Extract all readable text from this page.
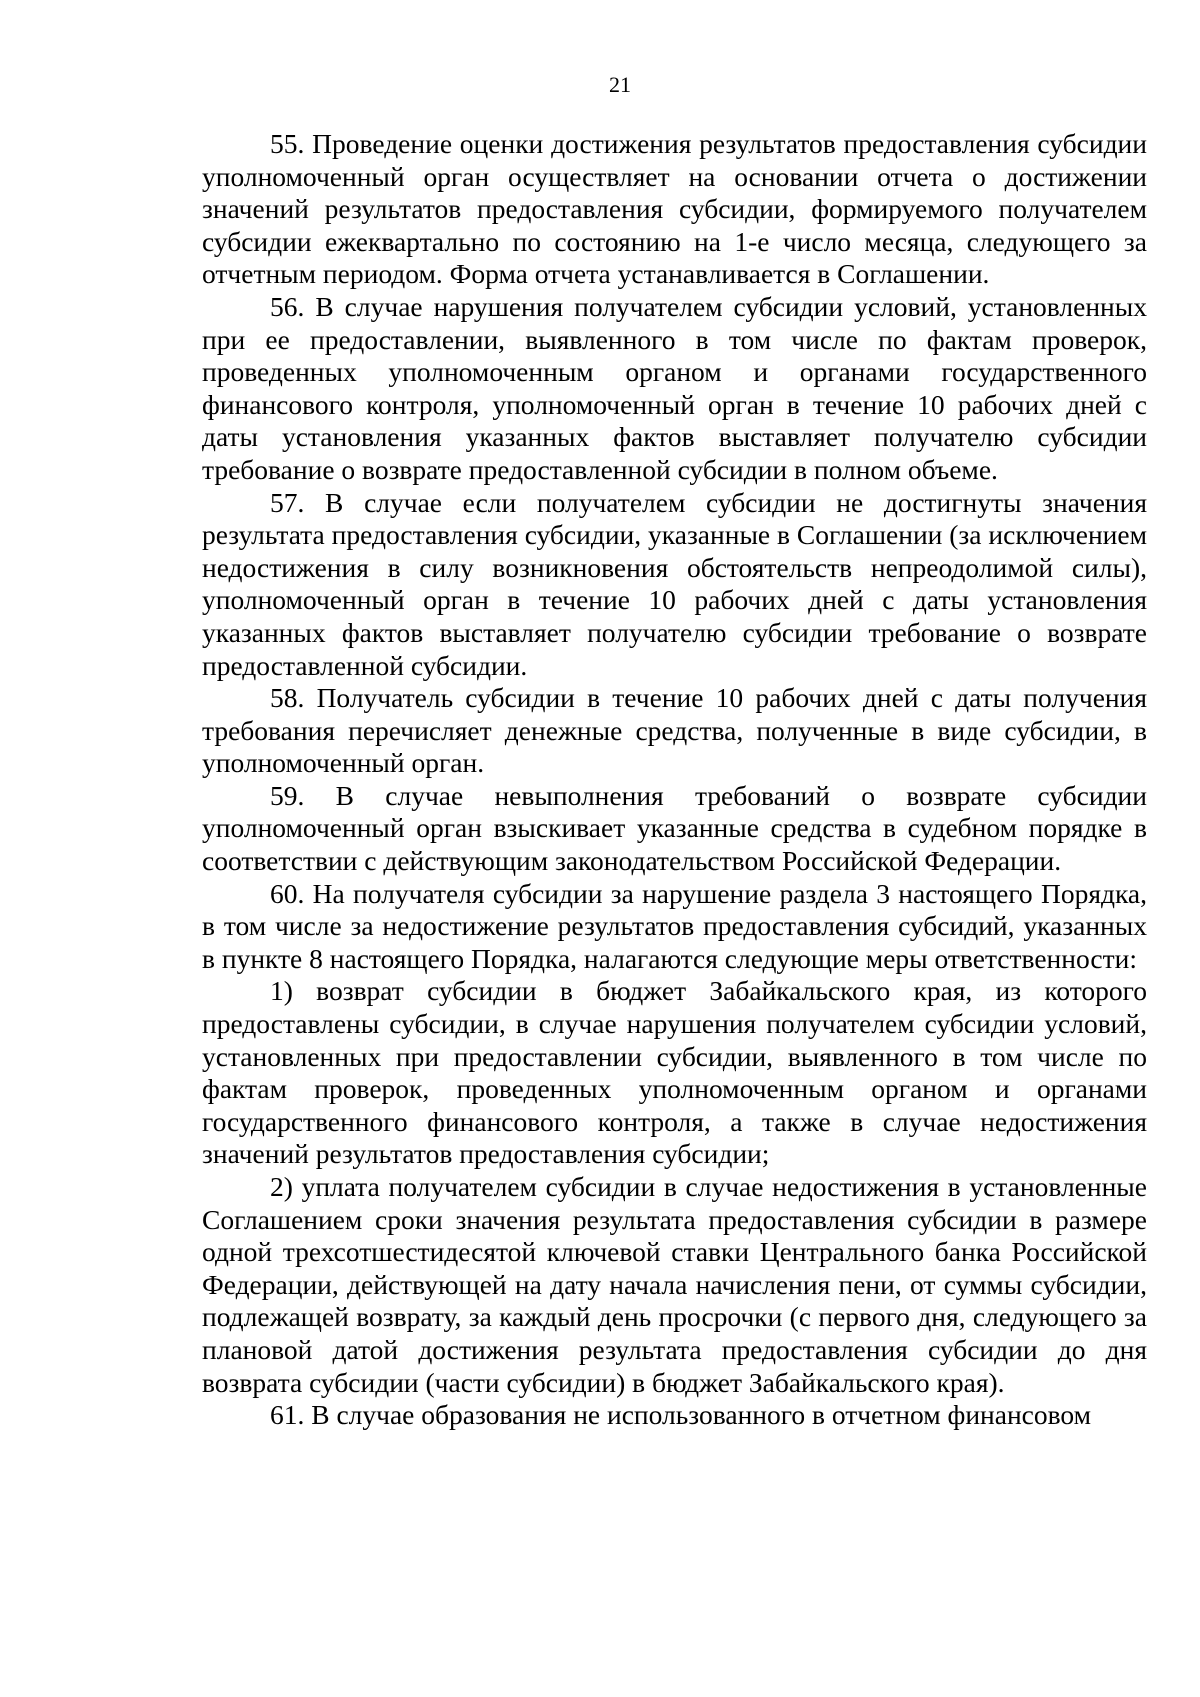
21

55. Проведение оценки достижения результатов предоставления субсидии уполномоченный орган осуществляет на основании отчета о достижении значений результатов предоставления субсидии, формируемого получателем субсидии ежеквартально по состоянию на 1-е число месяца, следующего за отчетным периодом. Форма отчета устанавливается в Соглашении.

56. В случае нарушения получателем субсидии условий, установленных при ее предоставлении, выявленного в том числе по фактам проверок, проведенных уполномоченным органом и органами государственного финансового контроля, уполномоченный орган в течение 10 рабочих дней с даты установления указанных фактов выставляет получателю субсидии требование о возврате предоставленной субсидии в полном объеме.

57. В случае если получателем субсидии не достигнуты значения результата предоставления субсидии, указанные в Соглашении (за исключением недостижения в силу возникновения обстоятельств непреодолимой силы), уполномоченный орган в течение 10 рабочих дней с даты установления указанных фактов выставляет получателю субсидии требование о возврате предоставленной субсидии.

58. Получатель субсидии в течение 10 рабочих дней с даты получения требования перечисляет денежные средства, полученные в виде субсидии, в уполномоченный орган.

59. В случае невыполнения требований о возврате субсидии уполномоченный орган взыскивает указанные средства в судебном порядке в соответствии с действующим законодательством Российской Федерации.

60. На получателя субсидии за нарушение раздела 3 настоящего Порядка, в том числе за недостижение результатов предоставления субсидий, указанных в пункте 8 настоящего Порядка, налагаются следующие меры ответственности:

1) возврат субсидии в бюджет Забайкальского края, из которого предоставлены субсидии, в случае нарушения получателем субсидии условий, установленных при предоставлении субсидии, выявленного в том числе по фактам проверок, проведенных уполномоченным органом и органами государственного финансового контроля, а также в случае недостижения значений результатов предоставления субсидии;

2) уплата получателем субсидии в случае недостижения в установленные Соглашением сроки значения результата предоставления субсидии в размере одной трехсотшестидесятой ключевой ставки Центрального банка Российской Федерации, действующей на дату начала начисления пени, от суммы субсидии, подлежащей возврату, за каждый день просрочки (с первого дня, следующего за плановой датой достижения результата предоставления субсидии до дня возврата субсидии (части субсидии) в бюджет Забайкальского края).

61. В случае образования не использованного в отчетном финансовом
